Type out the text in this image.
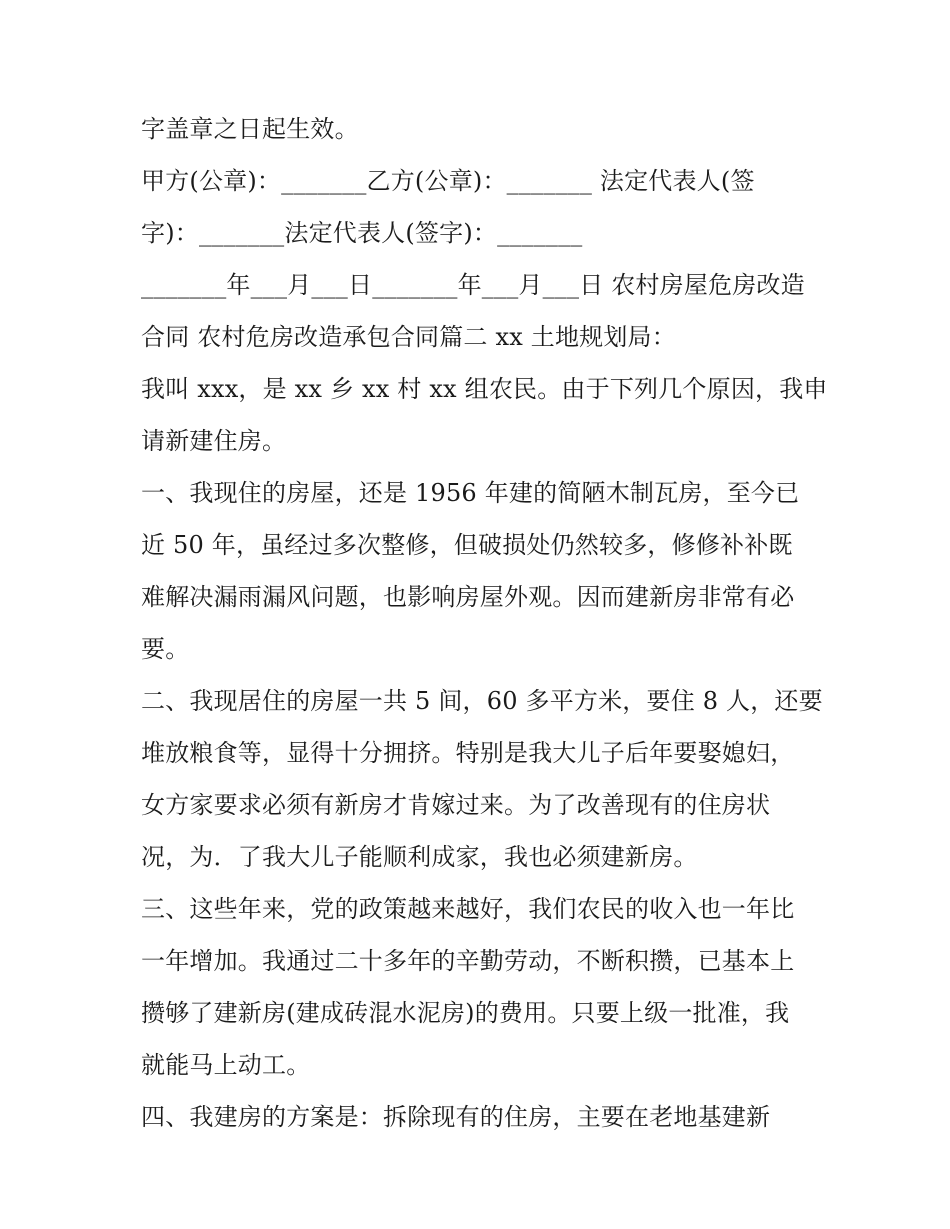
字盖章之日起生效。
甲方(公章)：_______乙方(公章)：_______ 法定代表人(签
字)：_______法定代表人(签字)：_______
_______年___月___日_______年___月___日 农村房屋危房改造
合同 农村危房改造承包合同篇二 xx 土地规划局：
我叫 xxx，是 xx 乡 xx 村 xx 组农民。由于下列几个原因，我申
请新建住房。
一、我现住的房屋，还是 1956 年建的简陋木制瓦房，至今已
近 50 年，虽经过多次整修，但破损处仍然较多，修修补补既
难解决漏雨漏风问题，也影响房屋外观。因而建新房非常有必
要。
二、我现居住的房屋一共 5 间，60 多平方米，要住 8 人，还要
堆放粮食等，显得十分拥挤。特别是我大儿子后年要娶媳妇，
女方家要求必须有新房才肯嫁过来。为了改善现有的住房状
况，为．了我大儿子能顺利成家，我也必须建新房。
三、这些年来，党的政策越来越好，我们农民的收入也一年比
一年增加。我通过二十多年的辛勤劳动，不断积攒，已基本上
攒够了建新房(建成砖混水泥房)的费用。只要上级一批准，我
就能马上动工。
四、我建房的方案是：拆除现有的住房，主要在老地基建新
